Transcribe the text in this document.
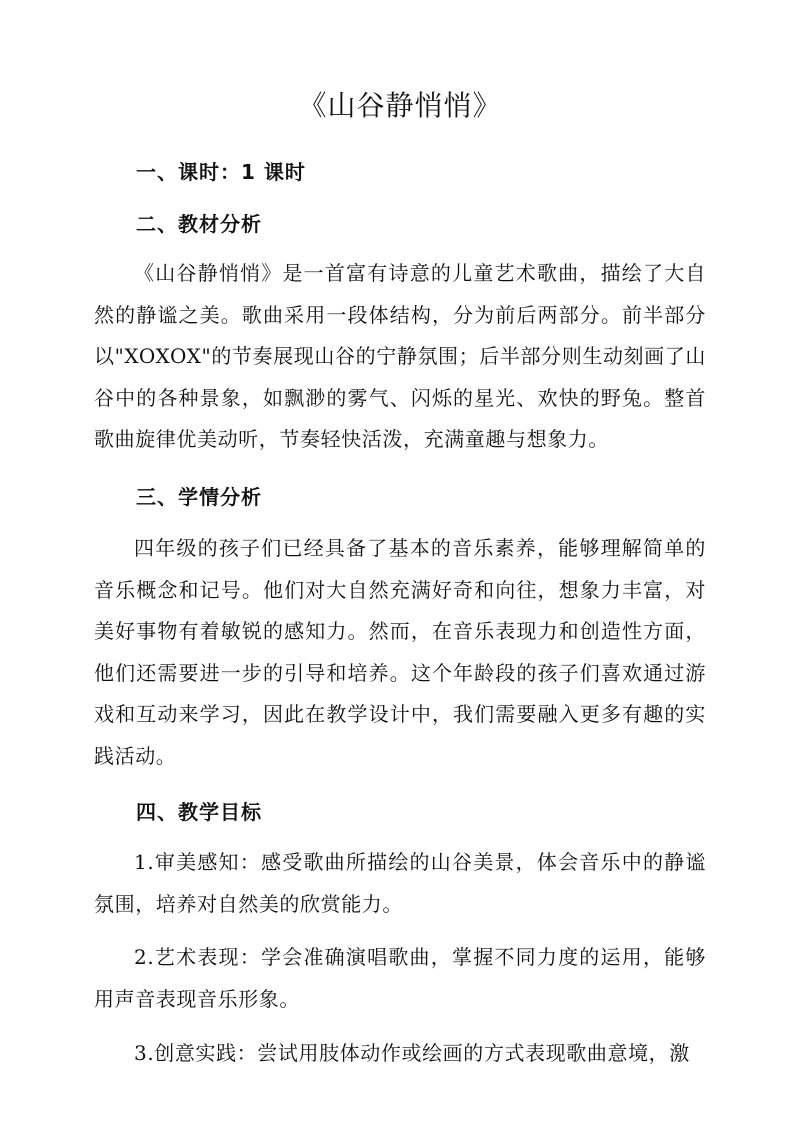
《山谷静悄悄》
一、课时：1 课时
二、教材分析

《山谷静悄悄》是一首富有诗意的儿童艺术歌曲，描绘了大自然的静谧之美。歌曲采用一段体结构，分为前后两部分。前半部分以"XOXOX"的节奏展现山谷的宁静氛围；后半部分则生动刻画了山谷中的各种景象，如飘渺的雾气、闪烁的星光、欢快的野兔。整首歌曲旋律优美动听，节奏轻快活泼，充满童趣与想象力。

三、学情分析

四年级的孩子们已经具备了基本的音乐素养，能够理解简单的音乐概念和记号。他们对大自然充满好奇和向往，想象力丰富，对美好事物有着敏锐的感知力。然而，在音乐表现力和创造性方面，他们还需要进一步的引导和培养。这个年龄段的孩子们喜欢通过游戏和互动来学习，因此在教学设计中，我们需要融入更多有趣的实践活动。

四、教学目标

1.审美感知：感受歌曲所描绘的山谷美景，体会音乐中的静谧氛围，培养对自然美的欣赏能力。

2.艺术表现：学会准确演唱歌曲，掌握不同力度的运用，能够用声音表现音乐形象。

3.创意实践：尝试用肢体动作或绘画的方式表现歌曲意境，激
